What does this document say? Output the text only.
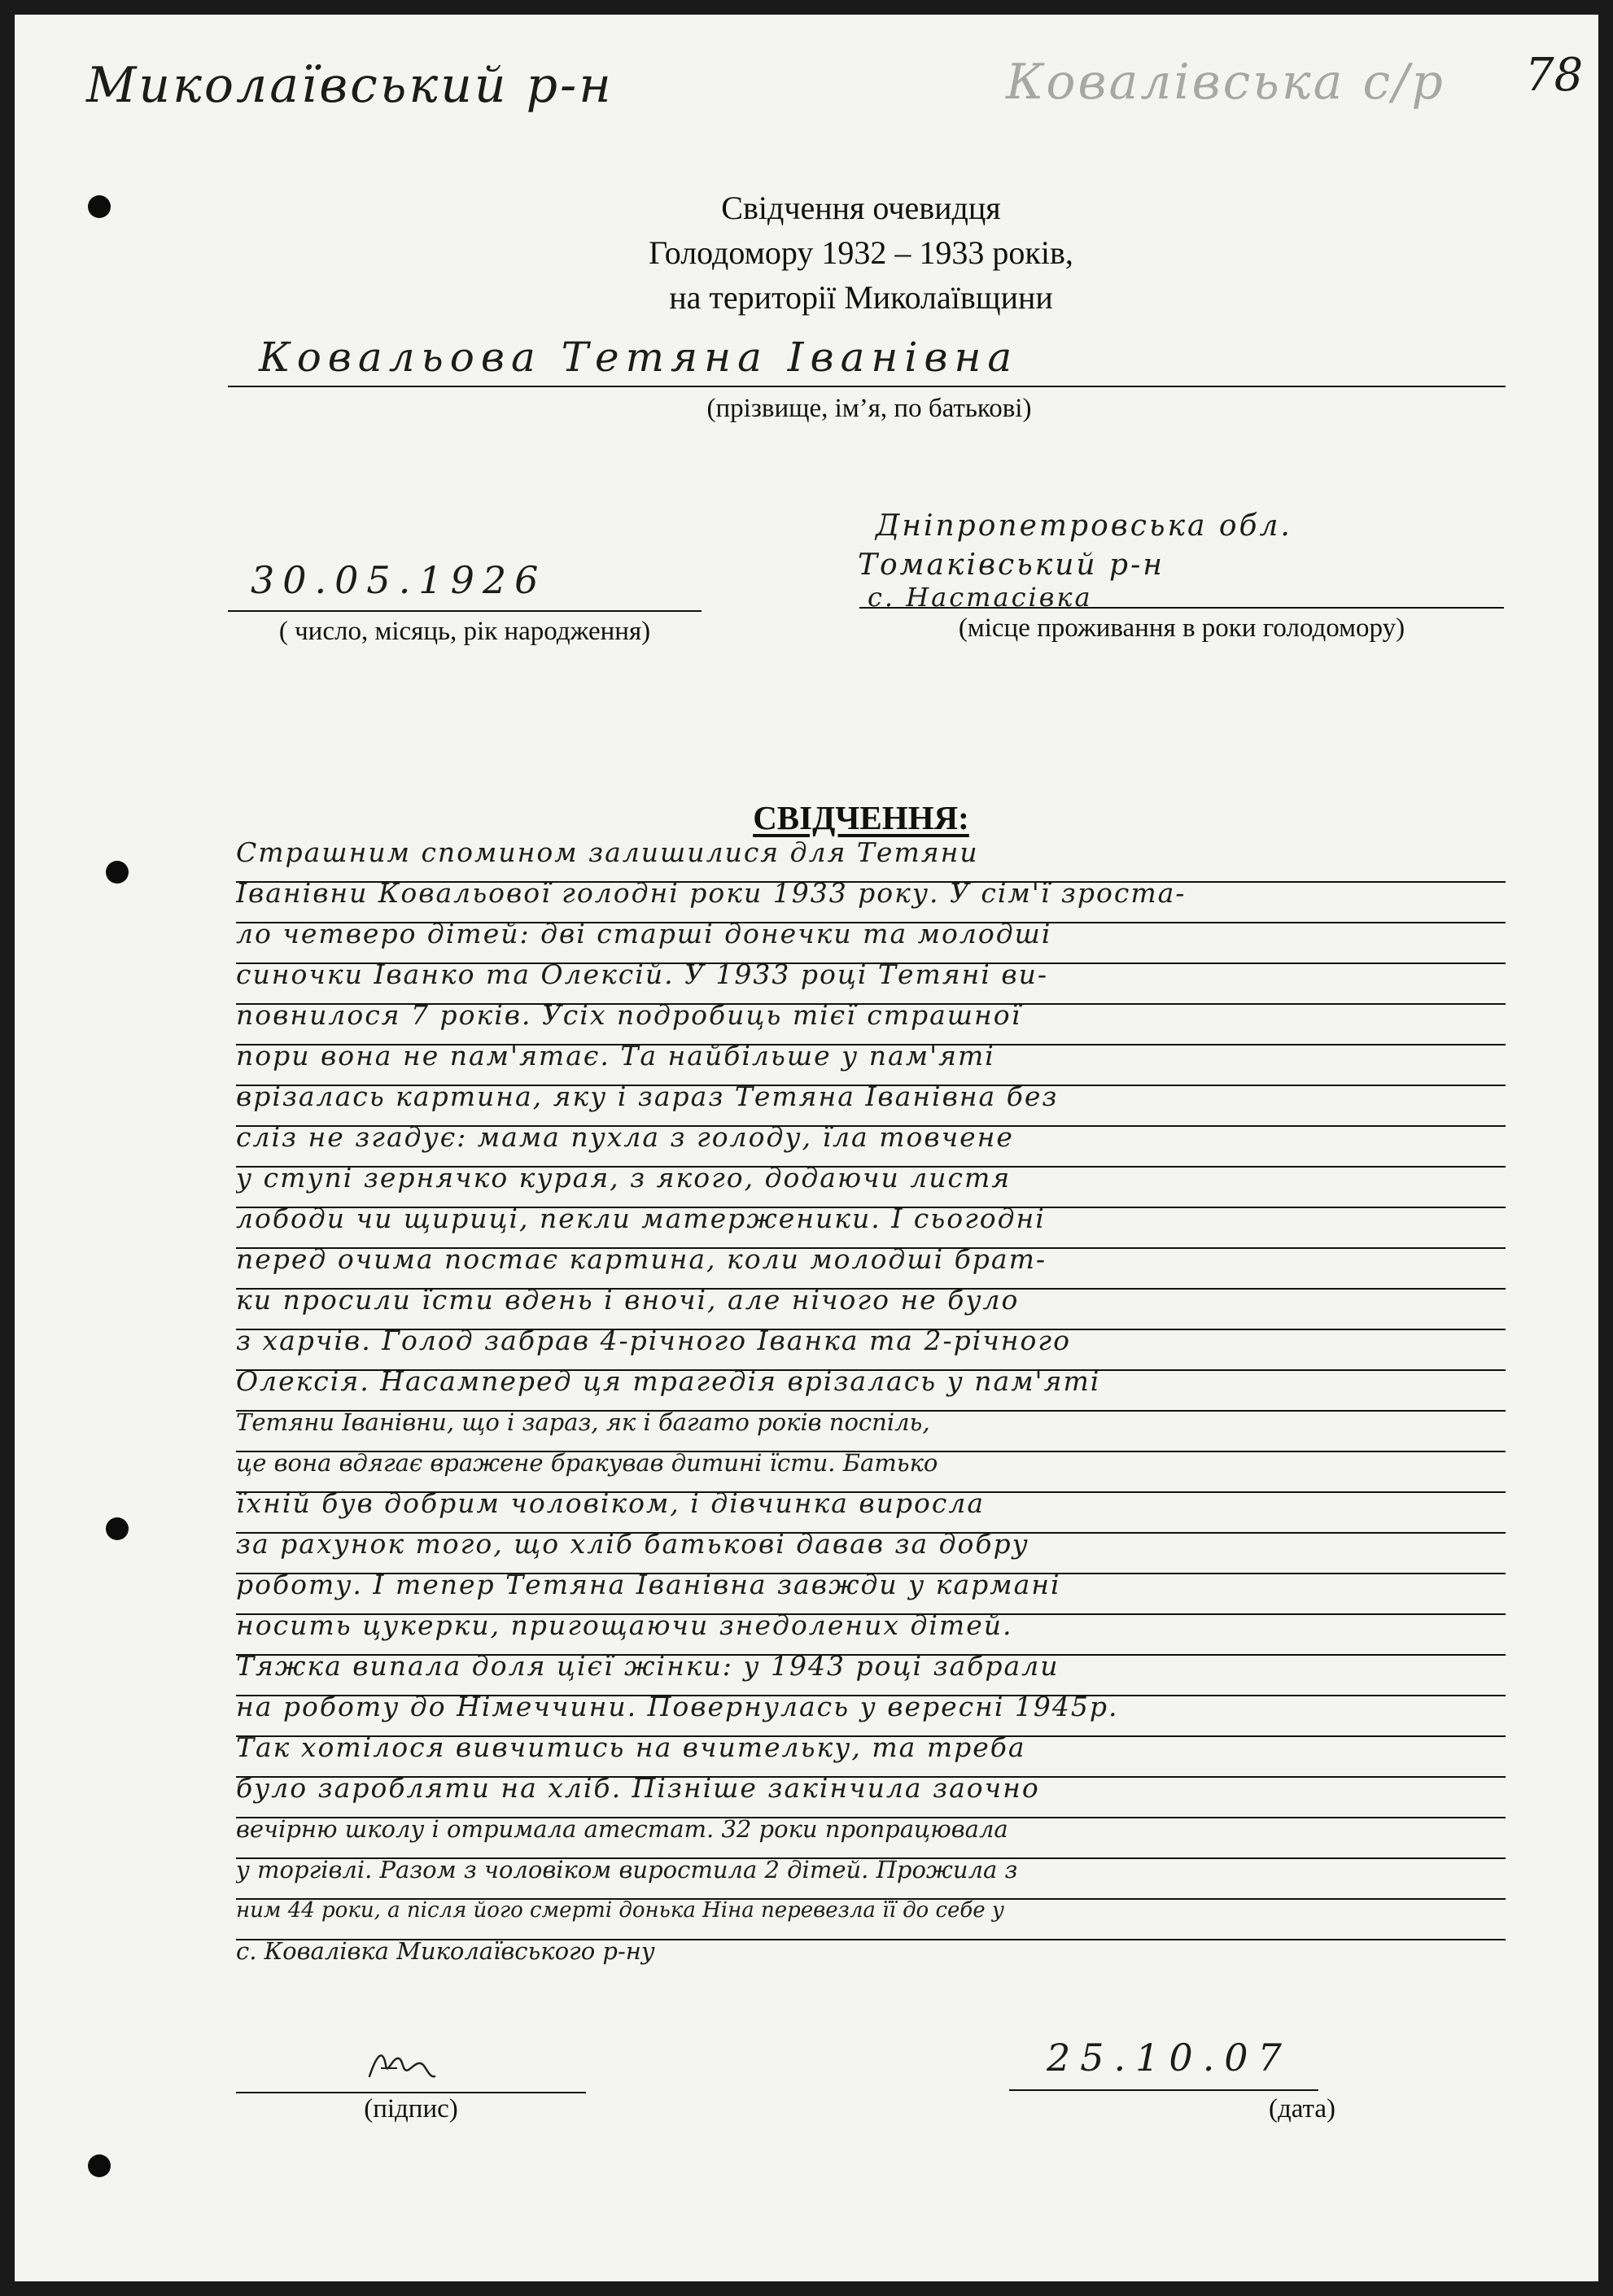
Миколаївський р-н	Ковалівська с/р 78
Свідчення очевидця
Голодомору 1932 – 1933 років,
на території Миколаївщини
Ковальова Тетяна Іванівна
(прізвище, ім’я, по батькові)
30.05.1926
( число, місяць, рік народження)
Дніпропетровська обл.
Томаківський р-н
с. Настасівка
(місце проживання в роки голодомору)
СВІДЧЕННЯ:
Страшним спомином залишилися для Тетяни
Іванівни Ковальової голодні роки 1933 року. У сім'ї зроста-
ло четверо дітей: дві старші донечки та молодші
синочки Іванко та Олексій. У 1933 році Тетяні ви-
повнилося 7 років. Усіх подробиць тієї страшної
пори вона не пам'ятає. Та найбільше у пам'яті
врізалась картина, яку і зараз Тетяна Іванівна без
сліз не згадує: мама пухла з голоду, їла товчене
у ступі зернячко курая, з якого, додаючи листя
лободи чи щириці, пекли матерженики. І сьогодні
перед очима постає картина, коли молодші брат-
ки просили їсти вдень і вночі, але нічого не було
з харчів. Голод забрав 4-річного Іванка та 2-річного
Олексія. Насамперед ця трагедія врізалась у пам'яті
Тетяни Іванівни, що і зараз, як і багато років поспіль,
це вона вдягає вражене бракував дитині їсти. Батько
їхній був добрим чоловіком, і дівчинка виросла
за рахунок того, що хліб батькові давав за добру
роботу. І тепер Тетяна Іванівна завжди у кармані
носить цукерки, пригощаючи знедолених дітей.
Тяжка випала доля цієї жінки: у 1943 році забрали
на роботу до Німеччини. Повернулась у вересні 1945р.
Так хотілося вивчитись на вчительку, та треба
було заробляти на хліб. Пізніше закінчила заочно
вечірню школу і отримала атестат. 32 роки пропрацювала
у торгівлі. Разом з чоловіком виростила 2 дітей. Прожила з
ним 44 роки, а після його смерті донька Ніна перевезла її до себе у
с. Ковалівка Миколаївського р-ну
(підпис)
25.10.07
(дата)
